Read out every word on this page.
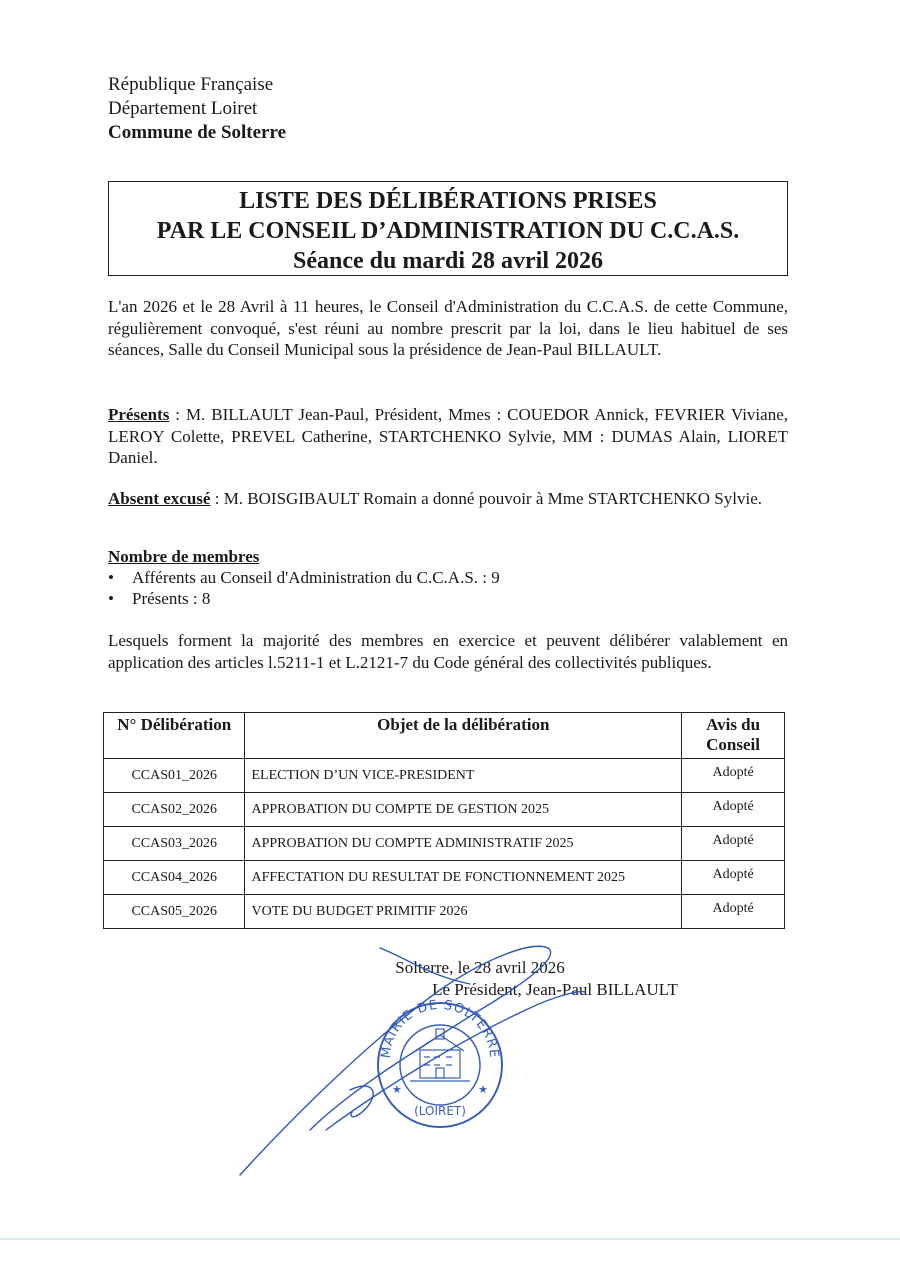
République Française
Département Loiret
Commune de Solterre
LISTE DES DÉLIBÉRATIONS PRISES
PAR LE CONSEIL D’ADMINISTRATION DU C.C.A.S.
Séance du mardi 28 avril 2026
L'an 2026 et le 28 Avril à 11 heures, le Conseil d'Administration du C.C.A.S. de cette Commune, régulièrement convoqué, s'est réuni au nombre prescrit par la loi, dans le lieu habituel de ses séances, Salle du Conseil Municipal sous la présidence de Jean-Paul BILLAULT.
Présents : M. BILLAULT Jean-Paul, Président, Mmes : COUEDOR Annick, FEVRIER Viviane, LEROY Colette, PREVEL Catherine, STARTCHENKO Sylvie, MM : DUMAS Alain, LIORET Daniel.
Absent excusé : M. BOISGIBAULT Romain a donné pouvoir à Mme STARTCHENKO Sylvie.
Nombre de membres
• Afférents au Conseil d'Administration du C.C.A.S. : 9
• Présents : 8
Lesquels forment la majorité des membres en exercice et peuvent délibérer valablement en application des articles l.5211-1 et L.2121-7 du Code général des collectivités publiques.
N° Délibération	Objet de la délibération	Avis du Conseil
CCAS01_2026	ELECTION D’UN VICE-PRESIDENT	Adopté
CCAS02_2026	APPROBATION DU COMPTE DE GESTION 2025	Adopté
CCAS03_2026	APPROBATION DU COMPTE ADMINISTRATIF 2025	Adopté
CCAS04_2026	AFFECTATION DU RESULTAT DE FONCTIONNEMENT 2025	Adopté
CCAS05_2026	VOTE DU BUDGET PRIMITIF 2026	Adopté
Solterre, le 28 avril 2026
Le Président, Jean-Paul BILLAULT
MAIRIE DE SOLTERRE
★	★
(LOIRET)
